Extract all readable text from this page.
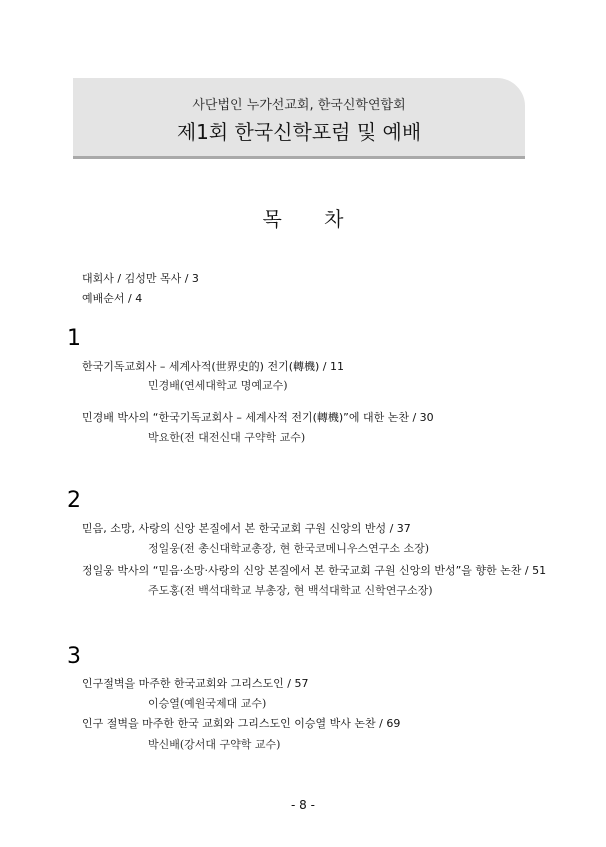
사단법인 누가선교회, 한국신학연합회
제1회 한국신학포럼 및 예배
목 차
대회사 / 김성만 목사 / 3
예배순서 / 4
1
한국기독교회사 – 세계사적(世界史的) 전기(轉機) / 11
민경배(연세대학교 명예교수)
민경배 박사의 “한국기독교회사 – 세계사적 전기(轉機)”에 대한 논찬 / 30
박요한(전 대전신대 구약학 교수)
2
믿음, 소망, 사랑의 신앙 본질에서 본 한국교회 구원 신앙의 반성 / 37
정일웅(전 총신대학교총장, 현 한국코메니우스연구소 소장)
정일웅 박사의 “믿음·소망·사랑의 신앙 본질에서 본 한국교회 구원 신앙의 반성”을 향한 논찬 / 51
주도홍(전 백석대학교 부총장, 현 백석대학교 신학연구소장)
3
인구절벽을 마주한 한국교회와 그리스도인 / 57
이승열(예원국제대 교수)
인구 절벽을 마주한 한국 교회와 그리스도인 이승열 박사 논찬 / 69
박신배(강서대 구약학 교수)
- 8 -
